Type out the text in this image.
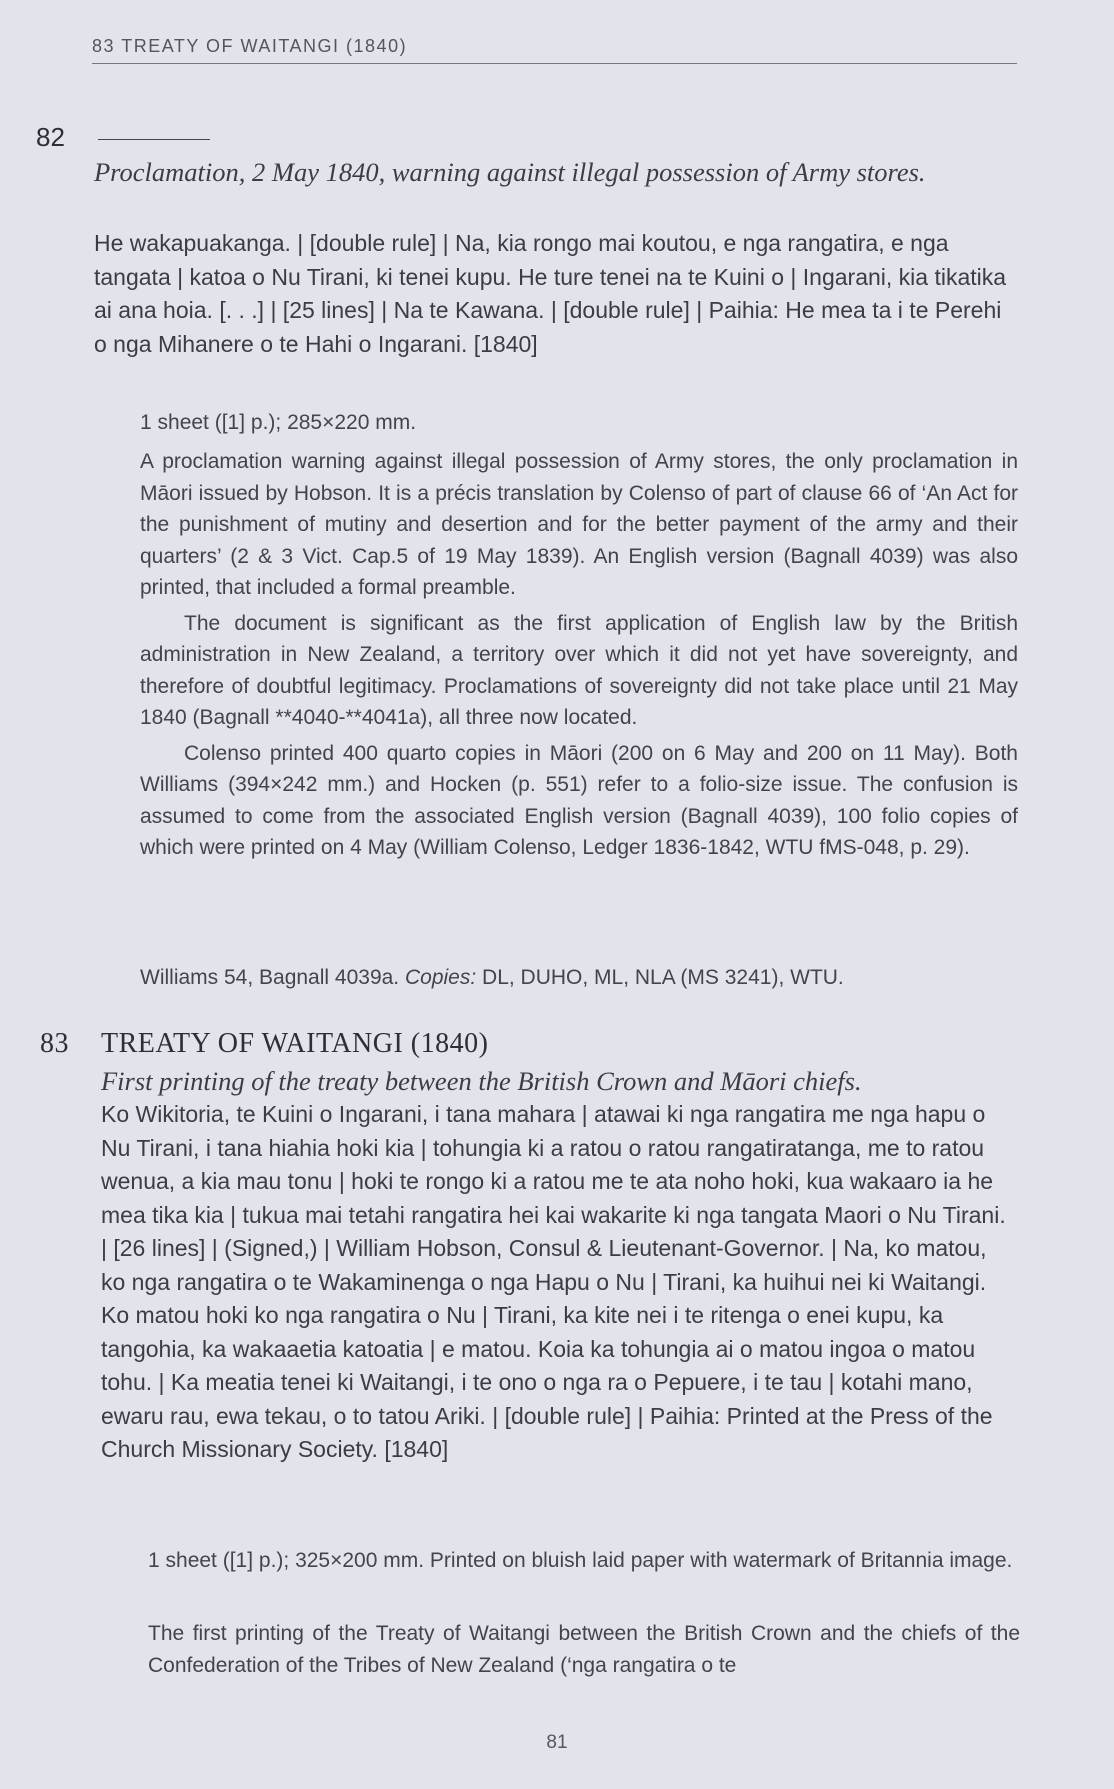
83 TREATY OF WAITANGI (1840)
82
Proclamation, 2 May 1840, warning against illegal possession of Army stores.
He wakapuakanga. | [double rule] | Na, kia rongo mai koutou, e nga rangatira, e nga tangata | katoa o Nu Tirani, ki tenei kupu. He ture tenei na te Kuini o | Ingarani, kia tikatika ai ana hoia. [. . .] | [25 lines] | Na te Kawana. | [double rule] | Paihia: He mea ta i te Perehi o nga Mihanere o te Hahi o Ingarani. [1840]
1 sheet ([1] p.); 285×220 mm.

A proclamation warning against illegal possession of Army stores, the only proclamation in Māori issued by Hobson. It is a précis translation by Colenso of part of clause 66 of ‘An Act for the punishment of mutiny and desertion and for the better payment of the army and their quarters’ (2 & 3 Vict. Cap.5 of 19 May 1839). An English version (Bagnall 4039) was also printed, that included a formal preamble.

The document is significant as the first application of English law by the British administration in New Zealand, a territory over which it did not yet have sovereignty, and therefore of doubtful legitimacy. Proclamations of sovereignty did not take place until 21 May 1840 (Bagnall **4040-**4041a), all three now located.

Colenso printed 400 quarto copies in Māori (200 on 6 May and 200 on 11 May). Both Williams (394×242 mm.) and Hocken (p. 551) refer to a folio-size issue. The confusion is assumed to come from the associated English version (Bagnall 4039), 100 folio copies of which were printed on 4 May (William Colenso, Ledger 1836-1842, WTU fMS-048, p. 29).

Williams 54, Bagnall 4039a. Copies: DL, DUHO, ML, NLA (MS 3241), WTU.
83 TREATY OF WAITANGI (1840)
First printing of the treaty between the British Crown and Māori chiefs.
Ko Wikitoria, te Kuini o Ingarani, i tana mahara | atawai ki nga rangatira me nga hapu o Nu Tirani, i tana hiahia hoki kia | tohungia ki a ratou o ratou rangatiratanga, me to ratou wenua, a kia mau tonu | hoki te rongo ki a ratou me te ata noho hoki, kua wakaaro ia he mea tika kia | tukua mai tetahi rangatira hei kai wakarite ki nga tangata Maori o Nu Tirani. | [26 lines] | (Signed,) | William Hobson, Consul & Lieutenant-Governor. | Na, ko matou, ko nga rangatira o te Wakaminenga o nga Hapu o Nu | Tirani, ka huihui nei ki Waitangi. Ko matou hoki ko nga rangatira o Nu | Tirani, ka kite nei i te ritenga o enei kupu, ka tangohia, ka wakaaetia katoatia | e matou. Koia ka tohungia ai o matou ingoa o matou tohu. | Ka meatia tenei ki Waitangi, i te ono o nga ra o Pepuere, i te tau | kotahi mano, ewaru rau, ewa tekau, o to tatou Ariki. | [double rule] | Paihia: Printed at the Press of the Church Missionary Society. [1840]
1 sheet ([1] p.); 325×200 mm. Printed on bluish laid paper with watermark of Britannia image.

The first printing of the Treaty of Waitangi between the British Crown and the chiefs of the Confederation of the Tribes of New Zealand (‘nga rangatira o te

81
